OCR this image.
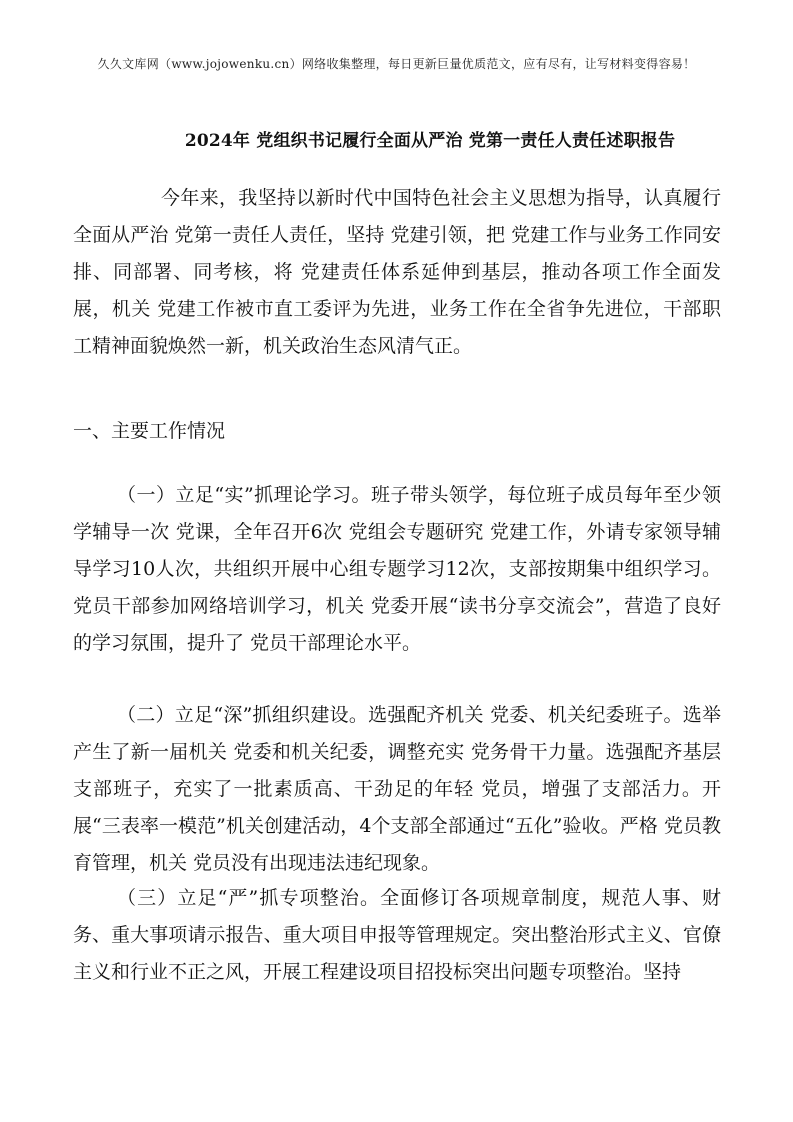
久久文库网（www.jojowenku.cn）网络收集整理，每日更新巨量优质范文，应有尽有，让写材料变得容易！
2024年 党组织书记履行全面从严治 党第一责任人责任述职报告

今年来，我坚持以新时代中国特色社会主义思想为指导，认真履行全面从严治 党第一责任人责任，坚持 党建引领，把 党建工作与业务工作同安排、同部署、同考核，将 党建责任体系延伸到基层，推动各项工作全面发展，机关 党建工作被市直工委评为先进，业务工作在全省争先进位，干部职工精神面貌焕然一新，机关政治生态风清气正。

一、主要工作情况

（一）立足“实”抓理论学习。班子带头领学，每位班子成员每年至少领学辅导一次 党课，全年召开6次 党组会专题研究 党建工作，外请专家领导辅导学习10人次，共组织开展中心组专题学习12次，支部按期集中组织学习。 党员干部参加网络培训学习，机关 党委开展“读书分享交流会”，营造了良好的学习氛围，提升了 党员干部理论水平。

（二）立足“深”抓组织建设。选强配齐机关 党委、机关纪委班子。选举产生了新一届机关 党委和机关纪委，调整充实 党务骨干力量。选强配齐基层支部班子，充实了一批素质高、干劲足的年轻 党员，增强了支部活力。开展“三表率一模范”机关创建活动，4个支部全部通过“五化”验收。严格 党员教育管理，机关 党员没有出现违法违纪现象。

（三）立足“严”抓专项整治。全面修订各项规章制度，规范人事、财务、重大事项请示报告、重大项目申报等管理规定。突出整治形式主义、官僚主义和行业不正之风，开展工程建设项目招投标突出问题专项整治。坚持
